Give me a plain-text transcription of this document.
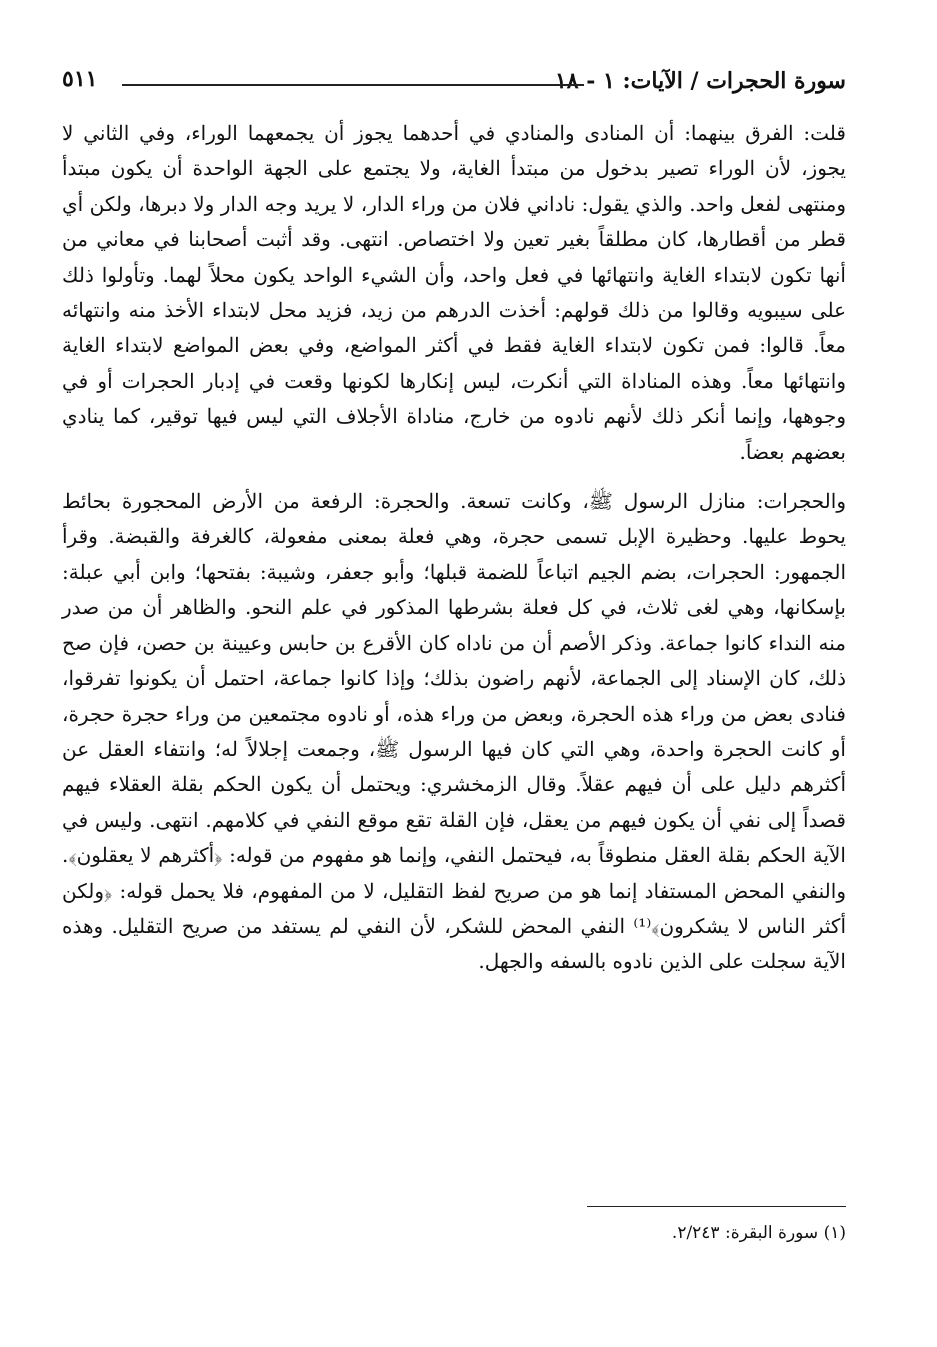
سورة الحجرات / الآيات: ١ - ١٨
٥١١

قلت: الفرق بينهما: أن المنادى والمنادي في أحدهما يجوز أن يجمعهما الوراء، وفي الثاني لا يجوز، لأن الوراء تصير بدخول من مبتدأ الغاية، ولا يجتمع على الجهة الواحدة أن يكون مبتدأ ومنتهى لفعل واحد. والذي يقول: ناداني فلان من وراء الدار، لا يريد وجه الدار ولا دبرها، ولكن أي قطر من أقطارها، كان مطلقاً بغير تعين ولا اختصاص. انتهى. وقد أثبت أصحابنا في معاني من أنها تكون لابتداء الغاية وانتهائها في فعل واحد، وأن الشيء الواحد يكون محلاً لهما. وتأولوا ذلك على سيبويه وقالوا من ذلك قولهم: أخذت الدرهم من زيد، فزيد محل لابتداء الأخذ منه وانتهائه معاً. قالوا: فمن تكون لابتداء الغاية فقط في أكثر المواضع، وفي بعض المواضع لابتداء الغاية وانتهائها معاً. وهذه المناداة التي أنكرت، ليس إنكارها لكونها وقعت في إدبار الحجرات أو في وجوهها، وإنما أنكر ذلك لأنهم نادوه من خارج، مناداة الأجلاف التي ليس فيها توقير، كما ينادي بعضهم بعضاً.

والحجرات: منازل الرسول ﷺ، وكانت تسعة. والحجرة: الرفعة من الأرض المحجورة بحائط يحوط عليها. وحظيرة الإبل تسمى حجرة، وهي فعلة بمعنى مفعولة، كالغرفة والقبضة. وقرأ الجمهور: الحجرات، بضم الجيم اتباعاً للضمة قبلها؛ وأبو جعفر، وشيبة: بفتحها؛ وابن أبي عبلة: بإسكانها، وهي لغى ثلاث، في كل فعلة بشرطها المذكور في علم النحو. والظاهر أن من صدر منه النداء كانوا جماعة. وذكر الأصم أن من ناداه كان الأقرع بن حابس وعيينة بن حصن، فإن صح ذلك، كان الإسناد إلى الجماعة، لأنهم راضون بذلك؛ وإذا كانوا جماعة، احتمل أن يكونوا تفرقوا، فنادى بعض من وراء هذه الحجرة، وبعض من وراء هذه، أو نادوه مجتمعين من وراء حجرة حجرة، أو كانت الحجرة واحدة، وهي التي كان فيها الرسول ﷺ، وجمعت إجلالاً له؛ وانتفاء العقل عن أكثرهم دليل على أن فيهم عقلاً. وقال الزمخشري: ويحتمل أن يكون الحكم بقلة العقلاء فيهم قصداً إلى نفي أن يكون فيهم من يعقل، فإن القلة تقع موقع النفي في كلامهم. انتهى. وليس في الآية الحكم بقلة العقل منطوقاً به، فيحتمل النفي، وإنما هو مفهوم من قوله: ﴿أكثرهم لا يعقلون﴾. والنفي المحض المستفاد إنما هو من صريح لفظ التقليل، لا من المفهوم، فلا يحمل قوله: ﴿ولكن أكثر الناس لا يشكرون﴾⁽¹⁾ النفي المحض للشكر، لأن النفي لم يستفد من صريح التقليل. وهذه الآية سجلت على الذين نادوه بالسفه والجهل.

(١) سورة البقرة: ٢/٢٤٣.
